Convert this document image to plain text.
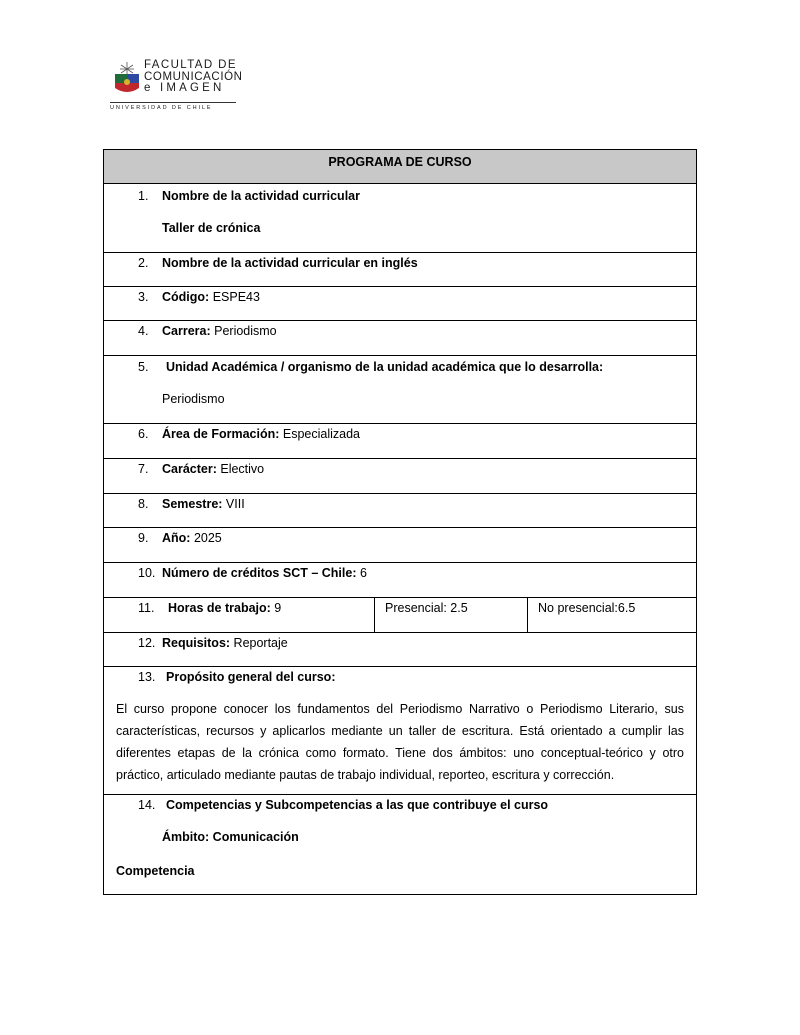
FACULTAD DE
COMUNICACIÓN
e IMAGEN
UNIVERSIDAD DE CHILE
PROGRAMA DE CURSO
1. Nombre de la actividad curricular
Taller de crónica
2. Nombre de la actividad curricular en inglés
3. Código: ESPE43
4. Carrera: Periodismo
5. Unidad Académica / organismo de la unidad académica que lo desarrolla:
Periodismo
6. Área de Formación: Especializada
7. Carácter: Electivo
8. Semestre: VIII
9. Año: 2025
10. Número de créditos SCT – Chile: 6
11. Horas de trabajo: 9	Presencial: 2.5	No presencial:6.5
12. Requisitos: Reportaje
13. Propósito general del curso:
El curso propone conocer los fundamentos del Periodismo Narrativo o Periodismo Literario, sus características, recursos y aplicarlos mediante un taller de escritura. Está orientado a cumplir las diferentes etapas de la crónica como formato. Tiene dos ámbitos: uno conceptual-teórico y otro práctico, articulado mediante pautas de trabajo individual, reporteo, escritura y corrección.
14. Competencias y Subcompetencias a las que contribuye el curso
Ámbito: Comunicación
Competencia
